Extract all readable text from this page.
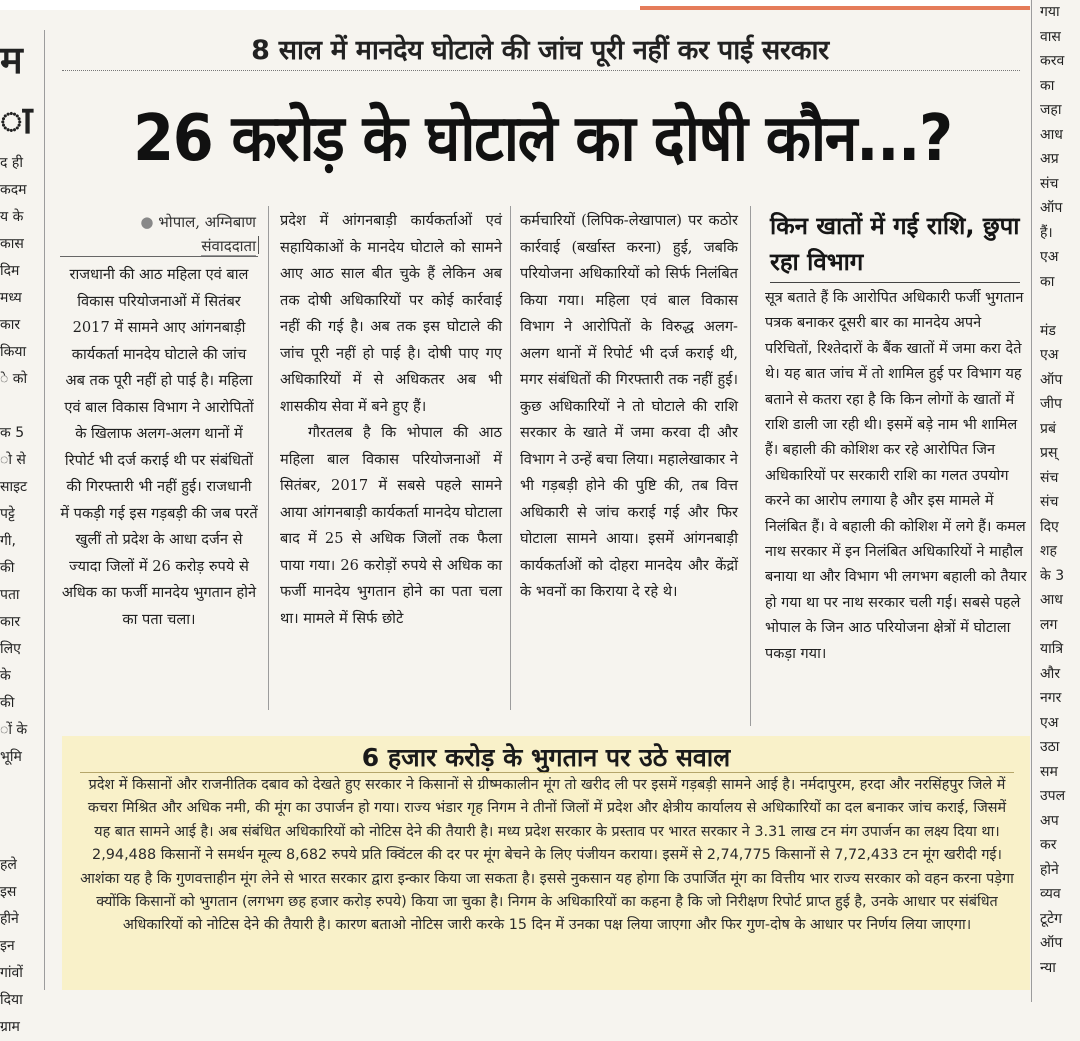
म
ा
द ही
कदम
य के
कास
दिम
मध्य
कार
किया
े को

क 5
ो से
साइट
पट्टे
गी,
की
पता
कार
लिए
के
की
ों के
भूमि

हले
इस
हीने
इन
गांवों
दिया
ग्राम
गया
वास
करव
का
जहा
आध
अप्र
संच
ऑप
हैं।
एअ
का

मंड
एअ
ऑप
जीप
प्रबं
प्रस्
संच
संच
दिए
शह
के 3
आध
लग
यात्रि
और
नगर
एअ
उठा
सम
उपल
अप
कर
होने
व्यव
टूटेग
ऑप
न्या
8 साल में मानदेय घोटाले की जांच पूरी नहीं कर पाई सरकार
26 करोड़ के घोटाले का दोषी कौन...?
● भोपाल, अग्निबाण
संवाददाता

राजधानी की आठ महिला एवं बाल विकास परियोजनाओं में सितंबर 2017 में सामने आए आंगनबाड़ी कार्यकर्ता मानदेय घोटाले की जांच अब तक पूरी नहीं हो पाई है। महिला एवं बाल विकास विभाग ने आरोपितों के खिलाफ अलग-अलग थानों में रिपोर्ट भी दर्ज कराई थी पर संबंधितों की गिरफ्तारी भी नहीं हुई। राजधानी में पकड़ी गई इस गड़बड़ी की जब परतें खुलीं तो प्रदेश के आधा दर्जन से ज्यादा जिलों में 26 करोड़ रुपये से अधिक का फर्जी मानदेय भुगतान होने का पता चला।

प्रदेश में आंगनबाड़ी कार्यकर्ताओं एवं सहायिकाओं के मानदेय घोटाले को सामने आए आठ साल बीत चुके हैं लेकिन अब तक दोषी अधिकारियों पर कोई कार्रवाई नहीं की गई है। अब तक इस घोटाले की जांच पूरी नहीं हो पाई है। दोषी पाए गए अधिकारियों में से अधिकतर अब भी शासकीय सेवा में बने हुए हैं।

गौरतलब है कि भोपाल की आठ महिला बाल विकास परियोजनाओं में सितंबर, 2017 में सबसे पहले सामने आया आंगनबाड़ी कार्यकर्ता मानदेय घोटाला बाद में 25 से अधिक जिलों तक फैला पाया गया। 26 करोड़ों रुपये से अधिक का फर्जी मानदेय भुगतान होने का पता चला था। मामले में सिर्फ छोटे

कर्मचारियों (लिपिक-लेखापाल) पर कठोर कार्रवाई (बर्खास्त करना) हुई, जबकि परियोजना अधिकारियों को सिर्फ निलंबित किया गया। महिला एवं बाल विकास विभाग ने आरोपितों के विरुद्ध अलग-अलग थानों में रिपोर्ट भी दर्ज कराई थी, मगर संबंधितों की गिरफ्तारी तक नहीं हुई। कुछ अधिकारियों ने तो घोटाले की राशि सरकार के खाते में जमा करवा दी और विभाग ने उन्हें बचा लिया। महालेखाकार ने भी गड़बड़ी होने की पुष्टि की, तब वित्त अधिकारी से जांच कराई गई और फिर घोटाला सामने आया। इसमें आंगनबाड़ी कार्यकर्ताओं को दोहरा मानदेय और केंद्रों के भवनों का किराया दे रहे थे।

किन खातों में गई राशि, छुपा रहा विभाग
सूत्र बताते हैं कि आरोपित अधिकारी फर्जी भुगतान पत्रक बनाकर दूसरी बार का मानदेय अपने परिचितों, रिश्तेदारों के बैंक खातों में जमा करा देते थे। यह बात जांच में तो शामिल हुई पर विभाग यह बताने से कतरा रहा है कि किन लोगों के खातों में राशि डाली जा रही थी। इसमें बड़े नाम भी शामिल हैं। बहाली की कोशिश कर रहे आरोपित जिन अधिकारियों पर सरकारी राशि का गलत उपयोग करने का आरोप लगाया है और इस मामले में निलंबित हैं। वे बहाली की कोशिश में लगे हैं। कमल नाथ सरकार में इन निलंबित अधिकारियों ने माहौल बनाया था और विभाग भी लगभग बहाली को तैयार हो गया था पर नाथ सरकार चली गई। सबसे पहले भोपाल के जिन आठ परियोजना क्षेत्रों में घोटाला पकड़ा गया।
6 हजार करोड़ के भुगतान पर उठे सवाल
प्रदेश में किसानों और राजनीतिक दबाव को देखते हुए सरकार ने किसानों से ग्रीष्मकालीन मूंग तो खरीद ली पर इसमें गड़बड़ी सामने आई है। नर्मदापुरम, हरदा और नरसिंहपुर जिले में कचरा मिश्रित और अधिक नमी, की मूंग का उपार्जन हो गया। राज्य भंडार गृह निगम ने तीनों जिलों में प्रदेश और क्षेत्रीय कार्यालय से अधिकारियों का दल बनाकर जांच कराई, जिसमें यह बात सामने आई है। अब संबंधित अधिकारियों को नोटिस देने की तैयारी है। मध्य प्रदेश सरकार के प्रस्ताव पर भारत सरकार ने 3.31 लाख टन मंग उपार्जन का लक्ष्य दिया था। 2,94,488 किसानों ने समर्थन मूल्य 8,682 रुपये प्रति क्विंटल की दर पर मूंग बेचने के लिए पंजीयन कराया। इसमें से 2,74,775 किसानों से 7,72,433 टन मूंग खरीदी गई। आशंका यह है कि गुणवत्ताहीन मूंग लेने से भारत सरकार द्वारा इन्कार किया जा सकता है। इससे नुकसान यह होगा कि उपार्जित मूंग का वित्तीय भार राज्य सरकार को वहन करना पड़ेगा क्योंकि किसानों को भुगतान (लगभग छह हजार करोड़ रुपये) किया जा चुका है। निगम के अधिकारियों का कहना है कि जो निरीक्षण रिपोर्ट प्राप्त हुई है, उनके आधार पर संबंधित अधिकारियों को नोटिस देने की तैयारी है। कारण बताओ नोटिस जारी करके 15 दिन में उनका पक्ष लिया जाएगा और फिर गुण-दोष के आधार पर निर्णय लिया जाएगा।
